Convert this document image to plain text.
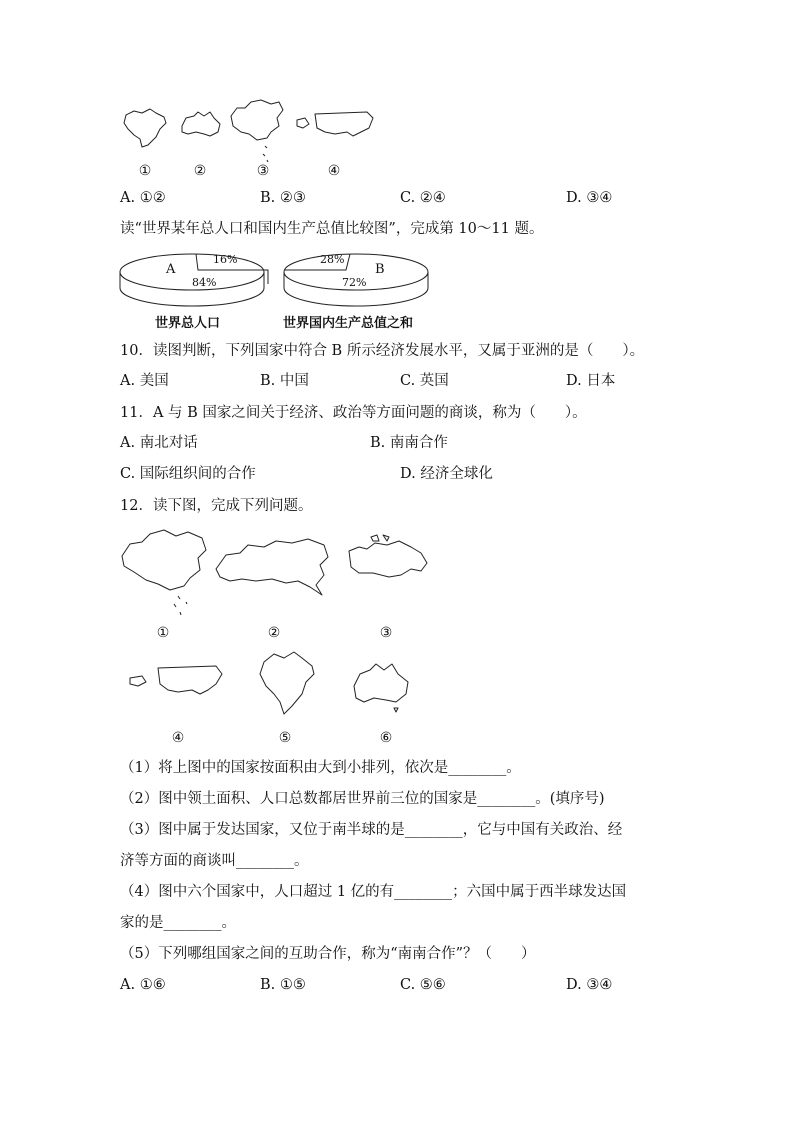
①	②	③	④
A. ①②	B. ②③	C. ②④	D. ③④
读“世界某年总人口和国内生产总值比较图”，完成第 10～11 题。
A
16%
84%
28%
B
72%
世界总人口	世界国内生产总值之和
10．读图判断，下列国家中符合 B 所示经济发展水平，又属于亚洲的是（　　）。
A. 美国	B. 中国	C. 英国	D. 日本
11．A 与 B 国家之间关于经济、政治等方面问题的商谈，称为（　　）。
A. 南北对话	B. 南南合作
C. 国际组织间的合作	D. 经济全球化
12．读下图，完成下列问题。
①	②	③
④	⑤	⑥
（1）将上图中的国家按面积由大到小排列，依次是________。
（2）图中领土面积、人口总数都居世界前三位的国家是________。(填序号)
（3）图中属于发达国家，又位于南半球的是________，它与中国有关政治、经
济等方面的商谈叫________。
（4）图中六个国家中，人口超过 1 亿的有________；六国中属于西半球发达国
家的是________。
（5）下列哪组国家之间的互助合作，称为“南南合作”？（　　）
A. ①⑥	B. ①⑤	C. ⑤⑥	D. ③④
